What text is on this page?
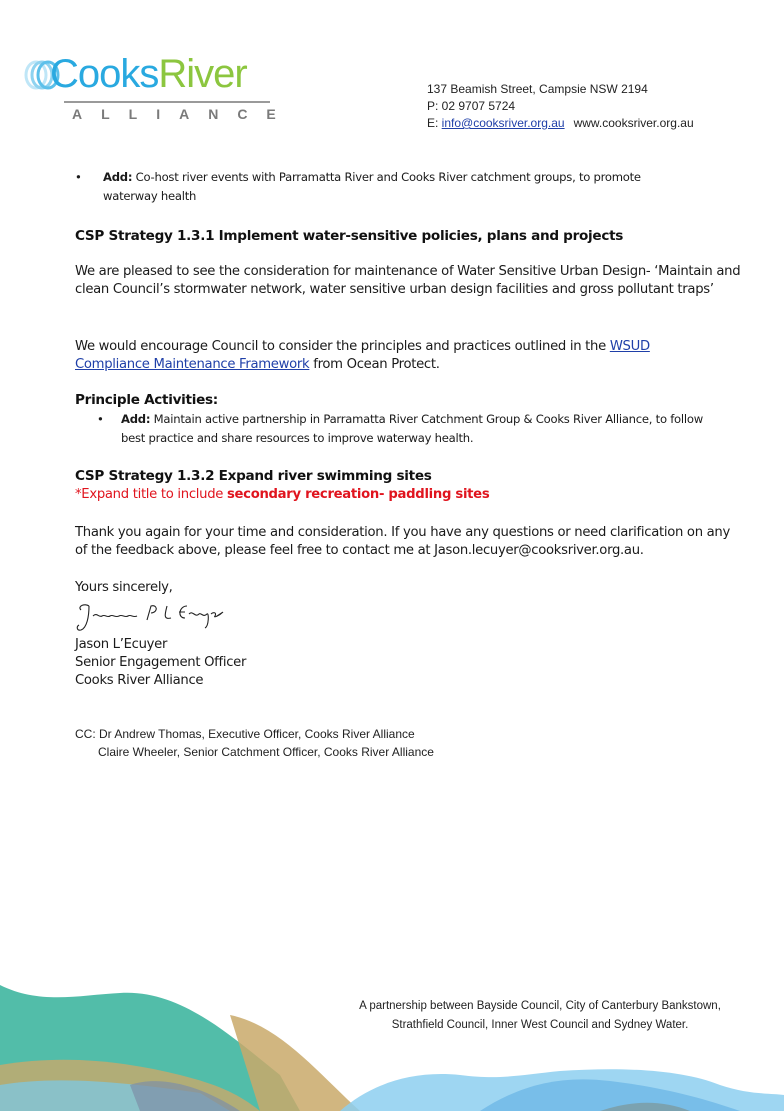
CooksRiver
ALLIANCE
137 Beamish Street, Campsie NSW 2194
P: 02 9707 5724
E: info@cooksriver.org.au www.cooksriver.org.au
•	Add: Co-host river events with Parramatta River and Cooks River catchment groups, to promote waterway health
CSP Strategy 1.3.1 Implement water-sensitive policies, plans and projects
We are pleased to see the consideration for maintenance of Water Sensitive Urban Design- ‘Maintain and clean Council’s stormwater network, water sensitive urban design facilities and gross pollutant traps’
We would encourage Council to consider the principles and practices outlined in the WSUD Compliance Maintenance Framework from Ocean Protect.
Principle Activities:
•	Add: Maintain active partnership in Parramatta River Catchment Group & Cooks River Alliance, to follow best practice and share resources to improve waterway health.
CSP Strategy 1.3.2 Expand river swimming sites
*Expand title to include secondary recreation- paddling sites
Thank you again for your time and consideration. If you have any questions or need clarification on any of the feedback above, please feel free to contact me at Jason.lecuyer@cooksriver.org.au.
Yours sincerely,
Jason L’Ecuyer
Senior Engagement Officer
Cooks River Alliance
CC: Dr Andrew Thomas, Executive Officer, Cooks River Alliance
Claire Wheeler, Senior Catchment Officer, Cooks River Alliance
A partnership between Bayside Council, City of Canterbury Bankstown,
Strathfield Council, Inner West Council and Sydney Water.
